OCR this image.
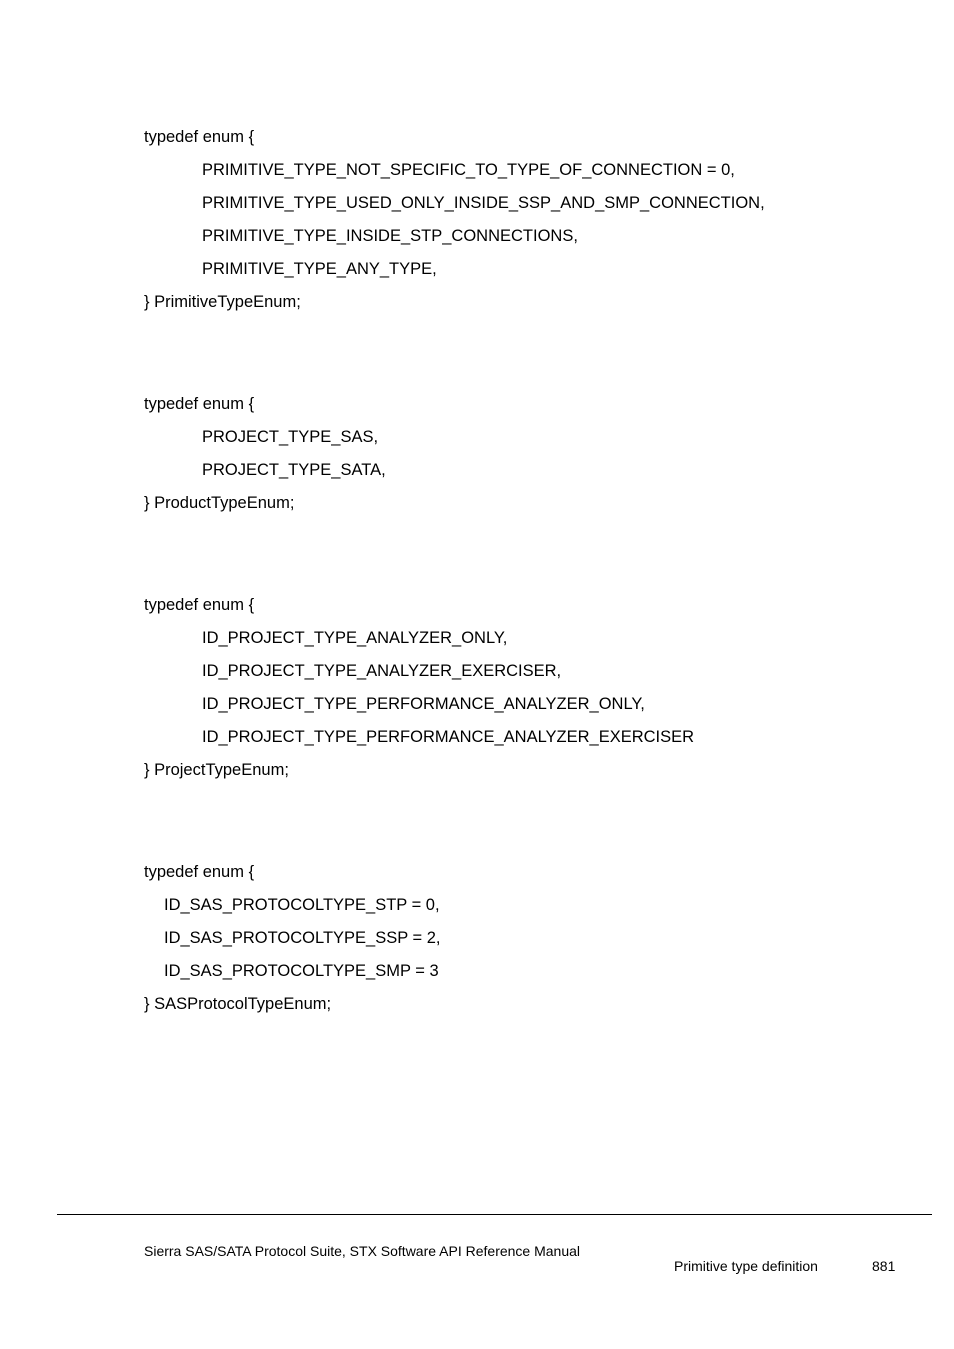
typedef enum {
PRIMITIVE_TYPE_NOT_SPECIFIC_TO_TYPE_OF_CONNECTION = 0,
PRIMITIVE_TYPE_USED_ONLY_INSIDE_SSP_AND_SMP_CONNECTION,
PRIMITIVE_TYPE_INSIDE_STP_CONNECTIONS,
PRIMITIVE_TYPE_ANY_TYPE,
} PrimitiveTypeEnum;
typedef enum {
PROJECT_TYPE_SAS,
PROJECT_TYPE_SATA,
} ProductTypeEnum;
typedef enum {
ID_PROJECT_TYPE_ANALYZER_ONLY,
ID_PROJECT_TYPE_ANALYZER_EXERCISER,
ID_PROJECT_TYPE_PERFORMANCE_ANALYZER_ONLY,
ID_PROJECT_TYPE_PERFORMANCE_ANALYZER_EXERCISER
} ProjectTypeEnum;
typedef enum {
ID_SAS_PROTOCOLTYPE_STP = 0,
ID_SAS_PROTOCOLTYPE_SSP = 2,
ID_SAS_PROTOCOLTYPE_SMP = 3
} SASProtocolTypeEnum;
Sierra SAS/SATA Protocol Suite, STX Software API Reference Manual
Primitive type definition	881
